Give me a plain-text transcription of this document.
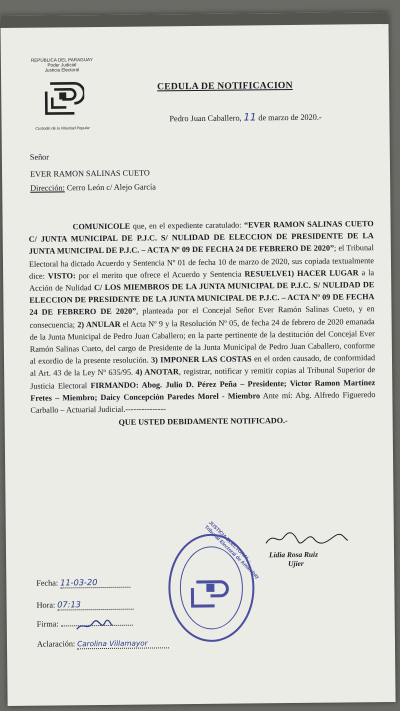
REPÚBLICA DEL PARAGUAY
Poder Judicial
Justicia Electoral
Custodio de la Voluntad Popular
CEDULA DE NOTIFICACION
Pedro Juan Caballero, 11 de marzo de 2020.-
Señor
EVER RAMON SALINAS CUETO
Dirección: Cerro León c/ Alejo García
COMUNICOLE que, en el expediente caratulado: “EVER RAMON SALINAS CUETO C/ JUNTA MUNICIPAL DE P.J.C. S/ NULIDAD DE ELECCION DE PRESIDENTE DE LA JUNTA MUNICIPAL DE P.J.C. – ACTA Nº 09 DE FECHA 24 DE FEBRERO DE 2020”; el Tribunal Electoral ha dictado Acuerdo y Sentencia Nº 01 de fecha 10 de marzo de 2020, sus copiada textualmente dice: VISTO: por el merito que ofrece el Acuerdo y Sentencia RESUELVE1) HACER LUGAR a la Acción de Nulidad C/ LOS MIEMBROS DE LA JUNTA MUNICIPAL DE P.J.C. S/ NULIDAD DE ELECCION DE PRESIDENTE DE LA JUNTA MUNICIPAL DE P.J.C. – ACTA Nº 09 DE FECHA 24 DE FEBRERO DE 2020”, planteada por el Concejal Señor Ever Ramón Salinas Cueto, y en consecuencia; 2) ANULAR el Acta Nº 9 y la Resolución Nº 05, de fecha 24 de febrero de 2020 emanada de la Junta Municipal de Pedro Juan Caballero; en la parte pertinente de la destitución del Concejal Ever Ramón Salinas Cueto, del cargo de Presidente de la Junta Municipal de Pedro Juan Caballero, conforme al exordio de la presente resolución. 3) IMPONER LAS COSTAS en el orden causado, de conformidad al Art. 43 de la Ley Nº 635/95. 4) ANOTAR, registrar, notificar y remitir copias al Tribunal Superior de Justicia Electoral FIRMANDO: Abog. Julio D. Pérez Peña – Presidente; Victor Ramon Martínez Fretes – Miembro; Daicy Concepción Paredes Morel - Miembro Ante mí: Abg. Alfredo Figueredo Carballo – Actuarial Judicial.---------------
QUE USTED DEBIDAMENTE NOTIFICADO.-
JUSTICIA ELECTORAL · Tribunal Electoral de Amambay	Lidia Rosa Ruiz
Ujier
Fecha: 11-03-20
Hora: 07:13
Firma:
Aclaración: Carolina Villamayor
